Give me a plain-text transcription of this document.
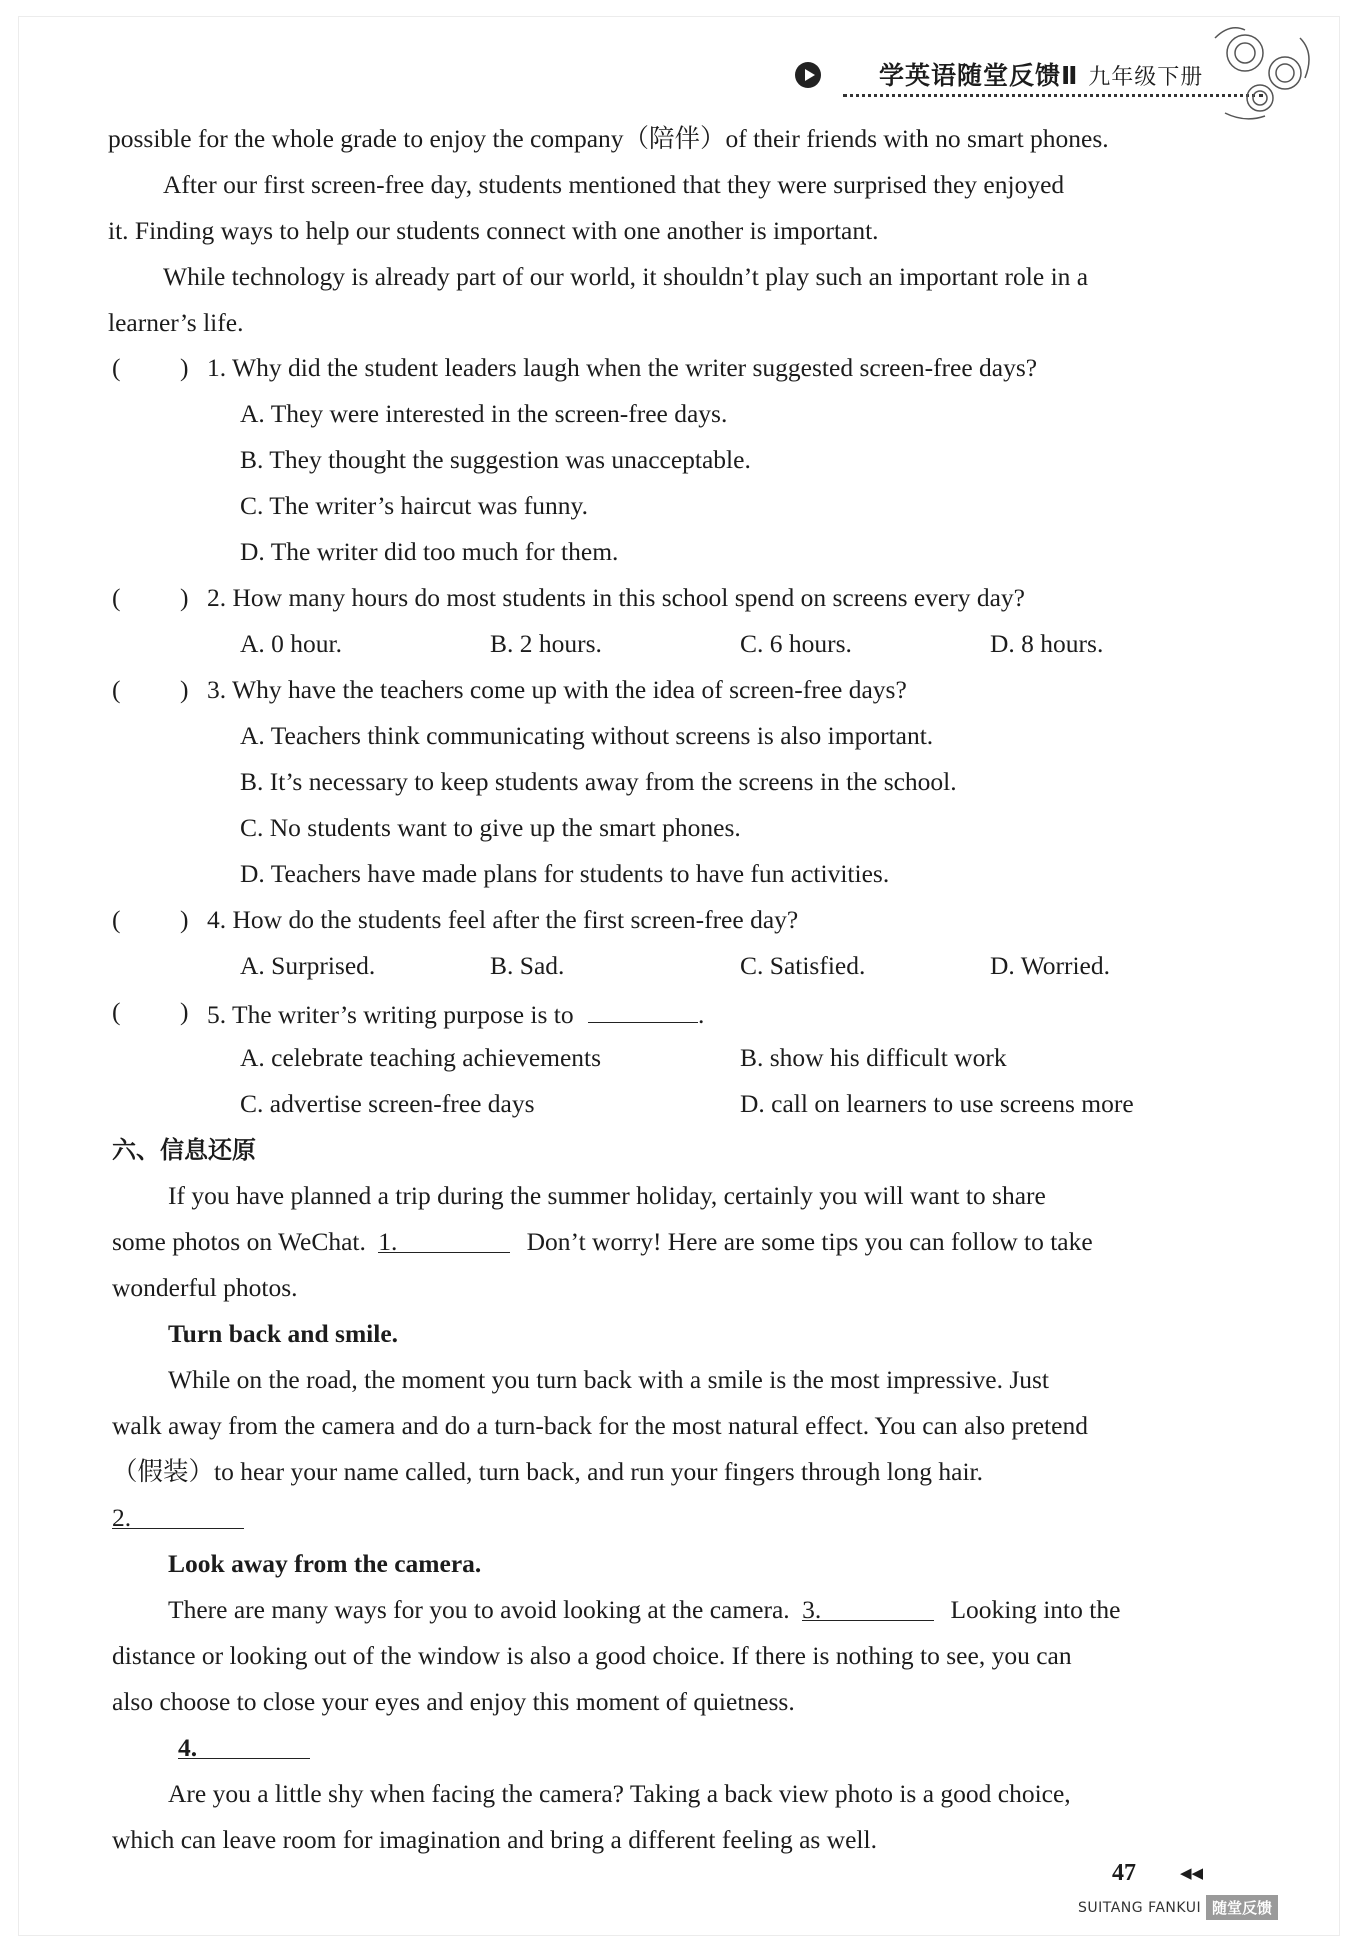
学英语随堂反馈Ⅱ 九年级下册
possible for the whole grade to enjoy the company（陪伴）of their friends with no smart phones.
After our first screen-free day, students mentioned that they were surprised they enjoyed
it. Finding ways to help our students connect with one another is important.
While technology is already part of our world, it shouldn’t play such an important role in a
learner’s life.
( ) 1. Why did the student leaders laugh when the writer suggested screen-free days?
A. They were interested in the screen-free days.
B. They thought the suggestion was unacceptable.
C. The writer’s haircut was funny.
D. The writer did too much for them.
( ) 2. How many hours do most students in this school spend on screens every day?
A. 0 hour.	B. 2 hours.	C. 6 hours.	D. 8 hours.
( ) 3. Why have the teachers come up with the idea of screen-free days?
A. Teachers think communicating without screens is also important.
B. It’s necessary to keep students away from the screens in the school.
C. No students want to give up the smart phones.
D. Teachers have made plans for students to have fun activities.
( ) 4. How do the students feel after the first screen-free day?
A. Surprised.	B. Sad.	C. Satisfied.	D. Worried.
( ) 5. The writer’s writing purpose is to	.
A. celebrate teaching achievements	B. show his difficult work
C. advertise screen-free days	D. call on learners to use screens more
六、信息还原
If you have planned a trip during the summer holiday, certainly you will want to share
some photos on WeChat. 1.	Don’t worry! Here are some tips you can follow to take
wonderful photos.
Turn back and smile.
While on the road, the moment you turn back with a smile is the most impressive. Just
walk away from the camera and do a turn-back for the most natural effect. You can also pretend
（假装）to hear your name called, turn back, and run your fingers through long hair.
2.
Look away from the camera.
There are many ways for you to avoid looking at the camera. 3.	Looking into the
distance or looking out of the window is also a good choice. If there is nothing to see, you can
also choose to close your eyes and enjoy this moment of quietness.
4.
Are you a little shy when facing the camera? Taking a back view photo is a good choice,
which can leave room for imagination and bring a different feeling as well.
47	◀◀
SUITANG FANKUI 随堂反馈
